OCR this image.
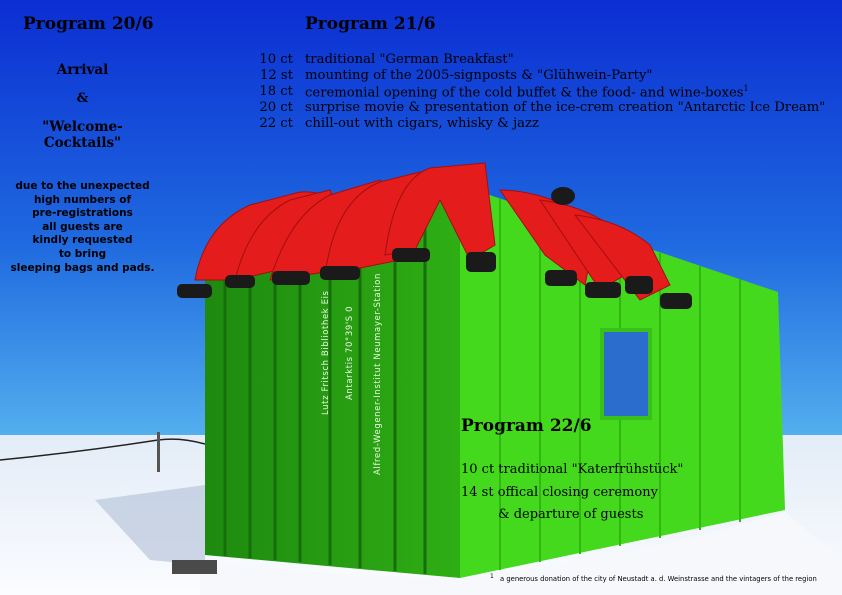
Lutz Fritsch Bibliothek Eis Antarktis 70°39'S 0 Alfred-Wegener-Institut Neumayer-Station
Program 20/6
Arrival
&
"Welcome-
Cocktails"
due to the unexpected
high numbers of
pre-registrations
all guests are
kindly requested
to bring
sleeping bags and pads.
Program 21/6
10 ct traditional "German Breakfast"
12 st mounting of the 2005-signposts & "Glühwein-Party"
18 ct ceremonial opening of the cold buffet & the food- and wine-boxes$^1$
20 ct surprise movie & presentation of the ice-crem creation "Antarctic Ice Dream"
22 ct chill-out with cigars, whisky & jazz
Program 22/6
10 ct traditional "Katerfrühstück"
14 st offical closing ceremony
& departure of guests
$^1$ a generous donation of the city of Neustadt a. d. Weinstrasse and the vintagers of the region
